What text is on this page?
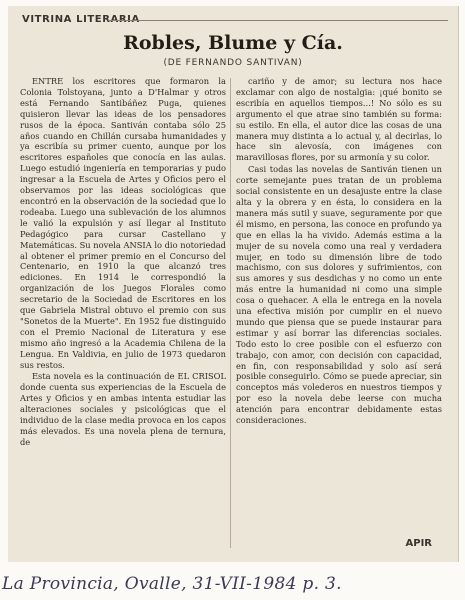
VITRINA LITERARIA
Robles, Blume y Cía.
(DE FERNANDO SANTIVAN)

ENTRE los escritores que formaron la Colonia Tolstoyana, junto a D'Halmar y otros está Fernando Santibáñez Puga, quienes quisieron llevar las ideas de los pensadores rusos de la época. Santiván contaba sólo 25 años cuando en Chillán cursaba humanidades y ya escribía su primer cuento, aunque por los escritores españoles que conocía en las aulas. Luego estudió ingeniería en temporarias y pudo ingresar a la Escuela de Artes y Oficios pero el observamos por las ideas sociológicas que encontró en la observación de la sociedad que lo rodeaba. Luego una sublevación de los alumnos le valió la expulsión y así llegar al Instituto Pedagógico para cursar Castellano y Matemáticas. Su novela ANSIA lo dio notoriedad al obtener el primer premio en el Concurso del Centenario, en 1910 la que alcanzó tres ediciones. En 1914 le correspondió la organización de los Juegos Florales como secretario de la Sociedad de Escritores en los que Gabriela Mistral obtuvo el premio con sus "Sonetos de la Muerte". En 1952 fue distinguido con el Premio Nacional de Literatura y ese mismo año ingresó a la Academia Chilena de la Lengua. En Valdivia, en julio de 1973 quedaron sus restos.

Esta novela es la continuación de EL CRISOL donde cuenta sus experiencias de la Escuela de Artes y Oficios y en ambas intenta estudiar las alteraciones sociales y psicológicas que el individuo de la clase media provoca en los capos más elevados. Es una novela plena de ternura, de

cariño y de amor; su lectura nos hace exclamar con algo de nostalgia: ¡qué bonito se escribía en aquellos tiempos...! No sólo es su argumento el que atrae sino también su forma: su estilo. En ella, el autor dice las cosas de una manera muy distinta a lo actual y, al decirlas, lo hace sin alevosía, con imágenes con maravillosas flores, por su armonía y su color.

Casi todas las novelas de Santiván tienen un corte semejante pues tratan de un problema social consistente en un desajuste entre la clase alta y la obrera y en ésta, lo considera en la manera más sutil y suave, seguramente por que él mismo, en persona, las conoce en profundo ya que en ellas la ha vivido. Además estima a la mujer de su novela como una real y verdadera mujer, en todo su dimensión libre de todo machismo, con sus dolores y sufrimientos, con sus amores y sus desdichas y no como un ente más entre la humanidad ni como una simple cosa o quehacer. A ella le entrega en la novela una efectiva misión por cumplir en el nuevo mundo que piensa que se puede instaurar para estimar y así borrar las diferencias sociales. Todo esto lo cree posible con el esfuerzo con trabajo, con amor, con decisión con capacidad, en fin, con responsabilidad y solo así será posible conseguirlo. Cómo se puede apreciar, sin conceptos más volederos en nuestros tiempos y por eso la novela debe leerse con mucha atención para encontrar debidamente estas consideraciones.

APIR
La Provincia, Ovalle, 31-VII-1984 p. 3.
